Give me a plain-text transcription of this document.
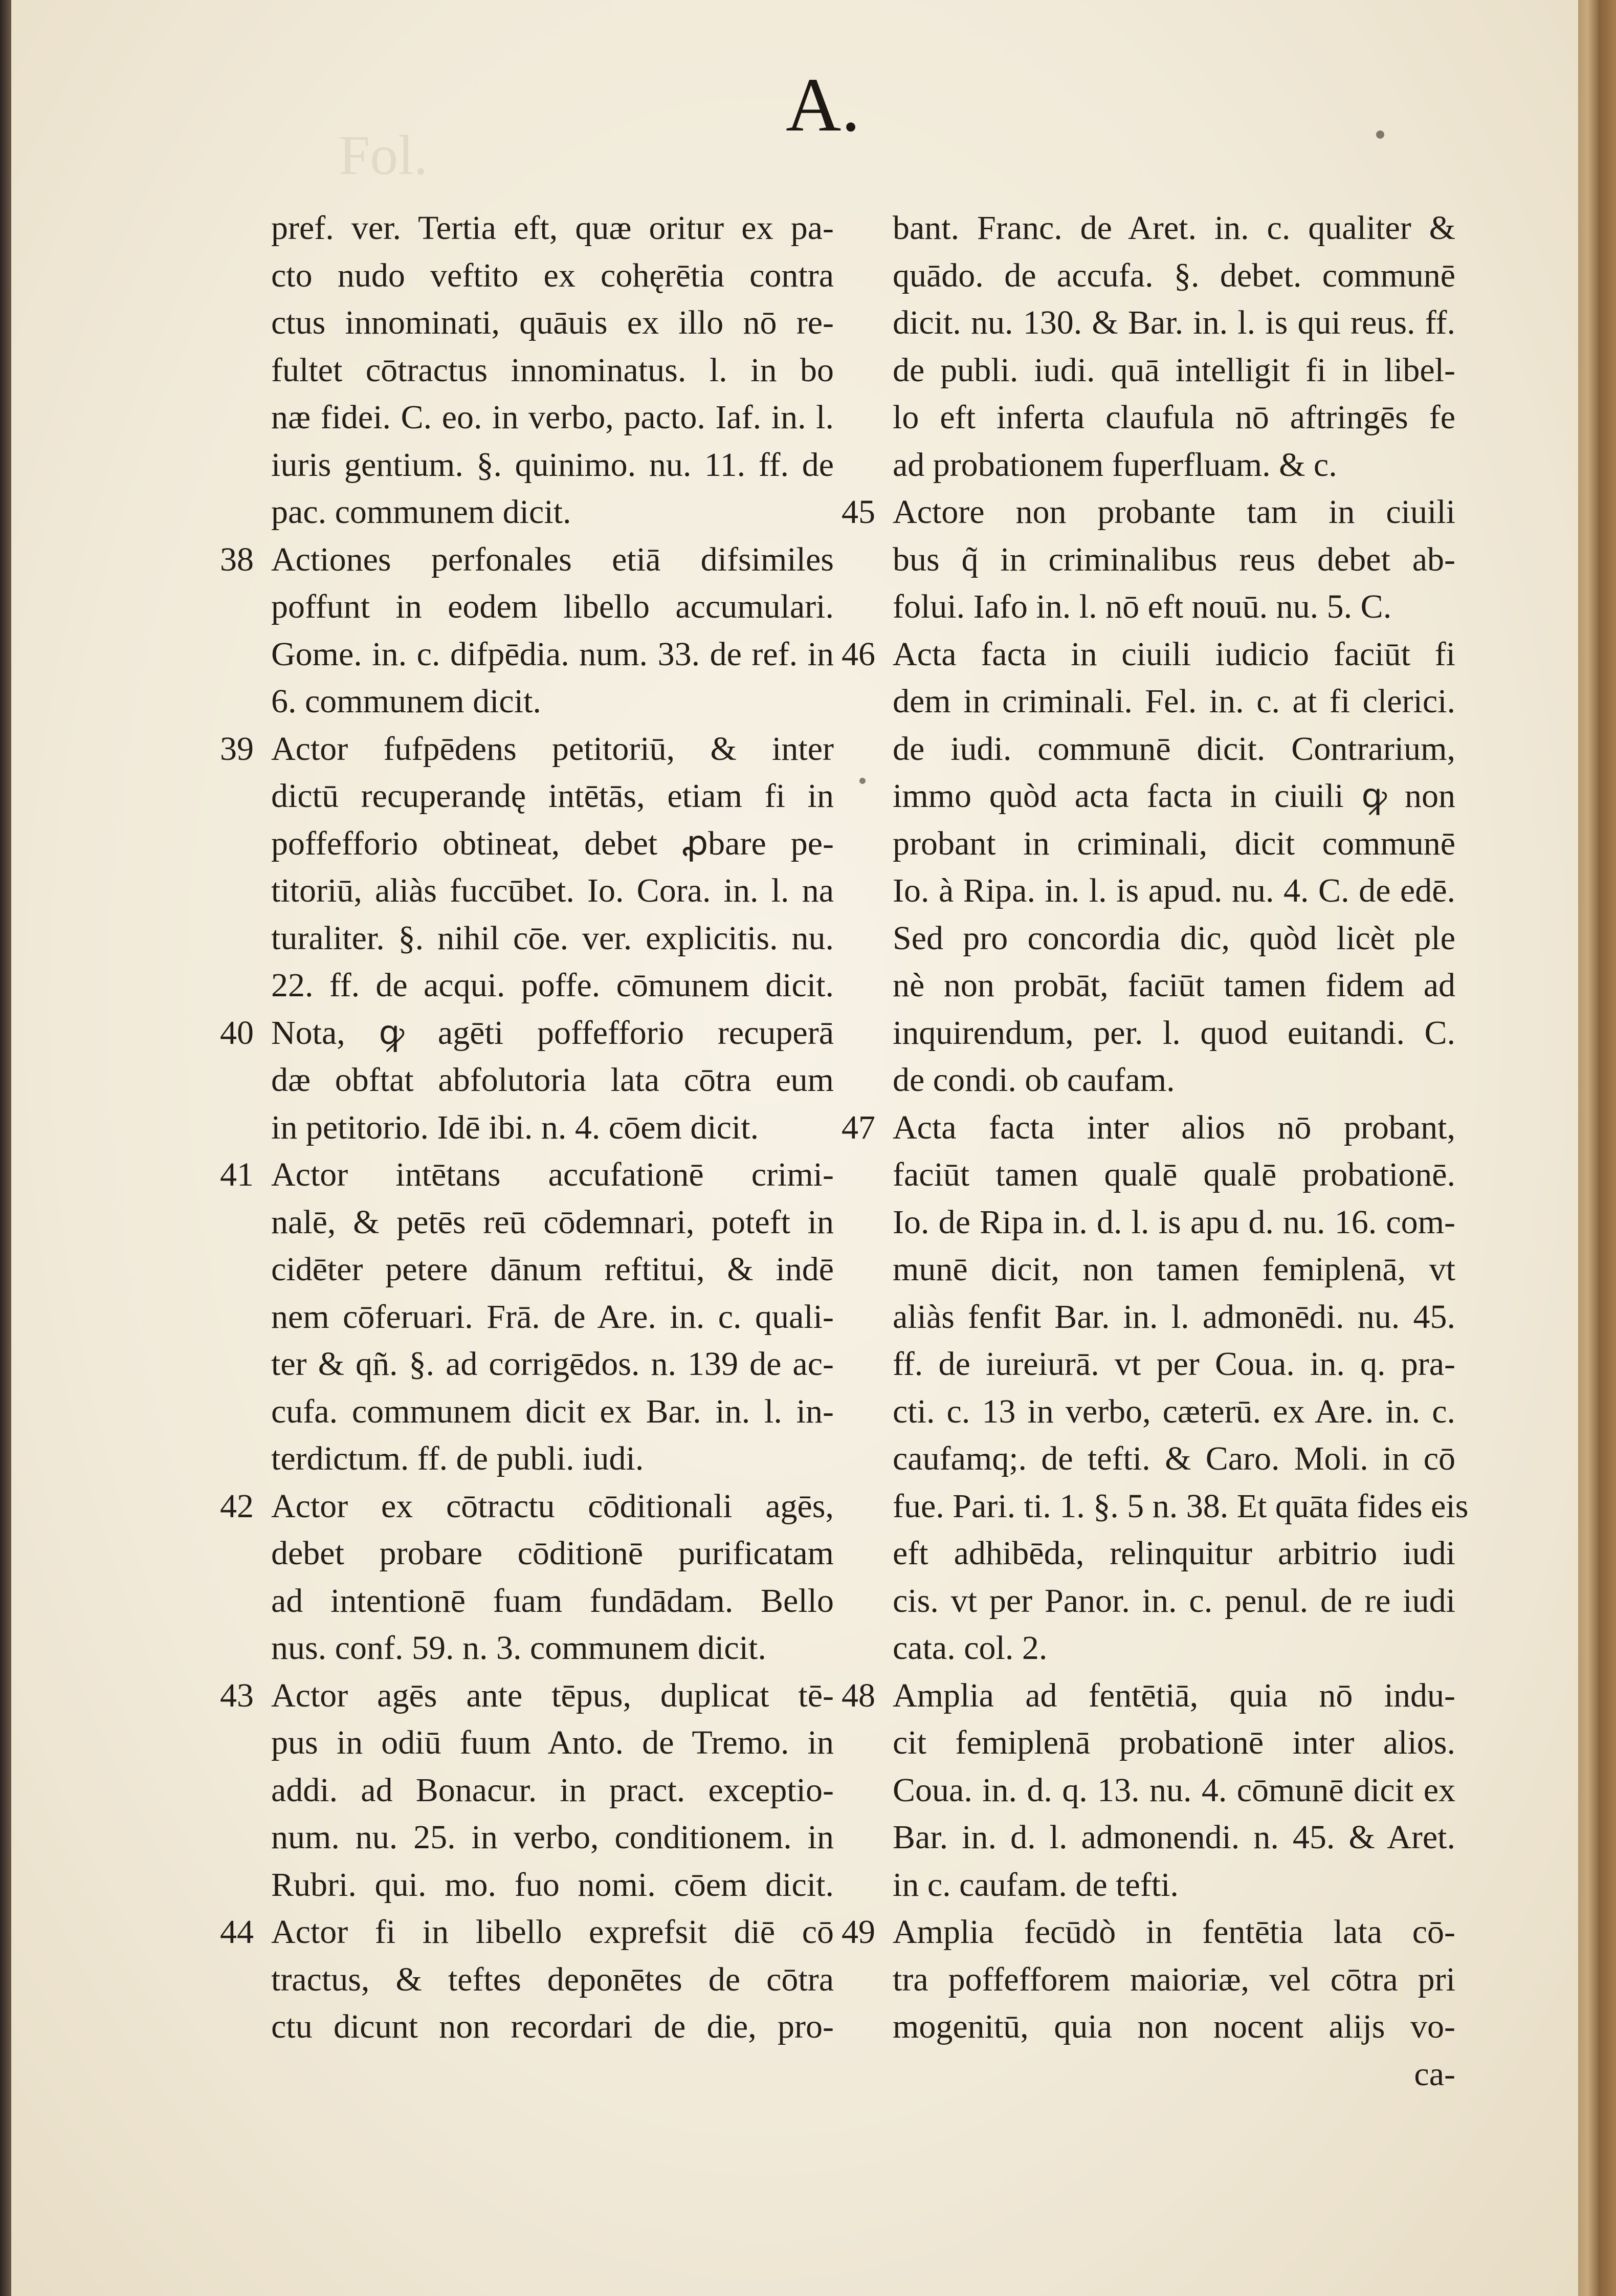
Fol.
A.
pref. ver. Tertia eft, quæ oritur ex pa-
cto nudo veftito ex cohęrētia contra
ctus innominati, quāuis ex illo nō re-
fultet cōtractus innominatus. l. in bo
næ fidei. C. eo. in verbo, pacto. Iaf. in. l.
iuris gentium. §. quinimo. nu. 11. ff. de
pac. communem dicit.
38 Actiones perfonales etiā difsimiles
poffunt in eodem libello accumulari.
Gome. in. c. difpēdia. num. 33. de ref. in
6. communem dicit.
39 Actor fufpēdens petitoriū, & inter
dictū recuperandę intētās, etiam fi in
poffefforio obtineat, debet ꝓbare pe-
titoriū, aliàs fuccūbet. Io. Cora. in. l. na
turaliter. §. nihil cōe. ver. explicitis. nu.
22. ff. de acqui. poffe. cōmunem dicit.
40 Nota, ꝙ agēti poffefforio recuperā
dæ obftat abfolutoria lata cōtra eum
in petitorio. Idē ibi. n. 4. cōem dicit.
41 Actor intētans accufationē crimi-
nalē, & petēs reū cōdemnari, poteft in
cidēter petere dānum reftitui, & indē
nem cōferuari. Frā. de Are. in. c. quali-
ter & qñ. §. ad corrigēdos. n. 139 de ac-
cufa. communem dicit ex Bar. in. l. in-
terdictum. ff. de publi. iudi.
42 Actor ex cōtractu cōditionali agēs,
debet probare cōditionē purificatam
ad intentionē fuam fundādam. Bello
nus. conf. 59. n. 3. communem dicit.
43 Actor agēs ante tēpus, duplicat tē-
pus in odiū fuum Anto. de Tremo. in
addi. ad Bonacur. in pract. exceptio-
num. nu. 25. in verbo, conditionem. in
Rubri. qui. mo. fuo nomi. cōem dicit.
44 Actor fi in libello exprefsit diē cō
tractus, & teftes deponētes de cōtra
ctu dicunt non recordari de die, pro-
bant. Franc. de Aret. in. c. qualiter &
quādo. de accufa. §. debet. communē
dicit. nu. 130. & Bar. in. l. is qui reus. ff.
de publi. iudi. quā intelligit fi in libel-
lo eft inferta claufula nō aftringēs fe
ad probationem fuperfluam. & c.
45 Actore non probante tam in ciuili
bus q̃ in criminalibus reus debet ab-
folui. Iafo in. l. nō eft nouū. nu. 5. C.
46 Acta facta in ciuili iudicio faciūt fi
dem in criminali. Fel. in. c. at fi clerici.
de iudi. communē dicit. Contrarium,
immo quòd acta facta in ciuili ꝙ non
probant in criminali, dicit communē
Io. à Ripa. in. l. is apud. nu. 4. C. de edē.
Sed pro concordia dic, quòd licèt ple
nè non probāt, faciūt tamen fidem ad
inquirendum, per. l. quod euitandi. C.
de condi. ob caufam.
47 Acta facta inter alios nō probant,
faciūt tamen qualē qualē probationē.
Io. de Ripa in. d. l. is apu d. nu. 16. com-
munē dicit, non tamen femiplenā, vt
aliàs fenfit Bar. in. l. admonēdi. nu. 45.
ff. de iureiurā. vt per Coua. in. q. pra-
cti. c. 13 in verbo, cæterū. ex Are. in. c.
caufamq;. de tefti. & Caro. Moli. in cō
fue. Pari. ti. 1. §. 5 n. 38. Et quāta fides eis
eft adhibēda, relinquitur arbitrio iudi
cis. vt per Panor. in. c. penul. de re iudi
cata. col. 2.
48 Amplia ad fentētiā, quia nō indu-
cit femiplenā probationē inter alios.
Coua. in. d. q. 13. nu. 4. cōmunē dicit ex
Bar. in. d. l. admonendi. n. 45. & Aret.
in c. caufam. de tefti.
49 Amplia fecūdò in fentētia lata cō-
tra poffefforem maioriæ, vel cōtra pri
mogenitū, quia non nocent alijs vo-
ca-
